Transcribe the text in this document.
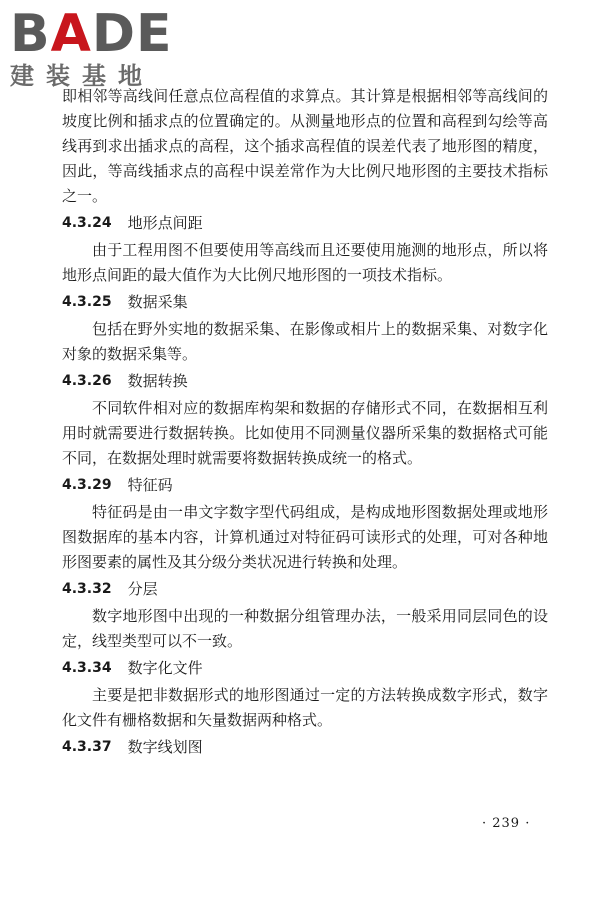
BADE
建装基地

即相邻等高线间任意点位高程值的求算点。其计算是根据相邻等高线间的坡度比例和插求点的位置确定的。从测量地形点的位置和高程到勾绘等高线再到求出插求点的高程，这个插求高程值的误差代表了地形图的精度，因此，等高线插求点的高程中误差常作为大比例尺地形图的主要技术指标之一。

4.3.24 地形点间距

由于工程用图不但要使用等高线而且还要使用施测的地形点，所以将地形点间距的最大值作为大比例尺地形图的一项技术指标。

4.3.25 数据采集

包括在野外实地的数据采集、在影像或相片上的数据采集、对数字化对象的数据采集等。

4.3.26 数据转换

不同软件相对应的数据库构架和数据的存储形式不同，在数据相互利用时就需要进行数据转换。比如使用不同测量仪器所采集的数据格式可能不同，在数据处理时就需要将数据转换成统一的格式。

4.3.29 特征码

特征码是由一串文字数字型代码组成，是构成地形图数据处理或地形图数据库的基本内容，计算机通过对特征码可读形式的处理，可对各种地形图要素的属性及其分级分类状况进行转换和处理。

4.3.32 分层

数字地形图中出现的一种数据分组管理办法，一般采用同层同色的设定，线型类型可以不一致。

4.3.34 数字化文件

主要是把非数据形式的地形图通过一定的方法转换成数字形式，数字化文件有栅格数据和矢量数据两种格式。

4.3.37 数字线划图
· 239 ·
